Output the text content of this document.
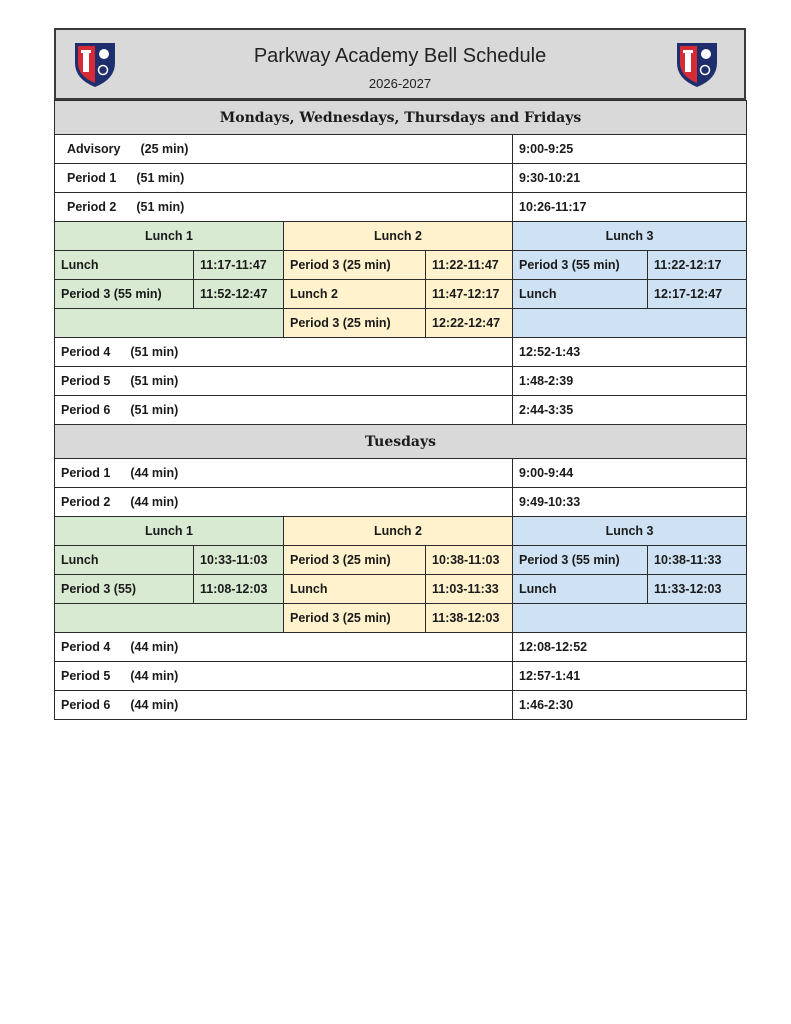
Parkway Academy Bell Schedule
2026-2027
Mondays, Wednesdays, Thursdays and Fridays					
Advisory (25 min)				9:00-9:25	
Period 1 (51 min)				9:30-10:21	
Period 2 (51 min)				10:26-11:17	
Lunch 1		Lunch 2		Lunch 3	
Lunch	11:17-11:47	Period 3 (25 min)	11:22-11:47	Period 3 (55 min)	11:22-12:17
Period 3 (55 min)	11:52-12:47	Lunch 2	11:47-12:17	Lunch	12:17-12:47
		Period 3 (25 min)	12:22-12:47		
Period 4 (51 min)				12:52-1:43	
Period 5 (51 min)				1:48-2:39	
Period 6 (51 min)				2:44-3:35	
Tuesdays					
Period 1 (44 min)				9:00-9:44	
Period 2 (44 min)				9:49-10:33	
Lunch 1		Lunch 2		Lunch 3	
Lunch	10:33-11:03	Period 3 (25 min)	10:38-11:03	Period 3 (55 min)	10:38-11:33
Period 3 (55)	11:08-12:03	Lunch	11:03-11:33	Lunch	11:33-12:03
		Period 3 (25 min)	11:38-12:03		
Period 4 (44 min)				12:08-12:52	
Period 5 (44 min)				12:57-1:41	
Period 6 (44 min)				1:46-2:30	
